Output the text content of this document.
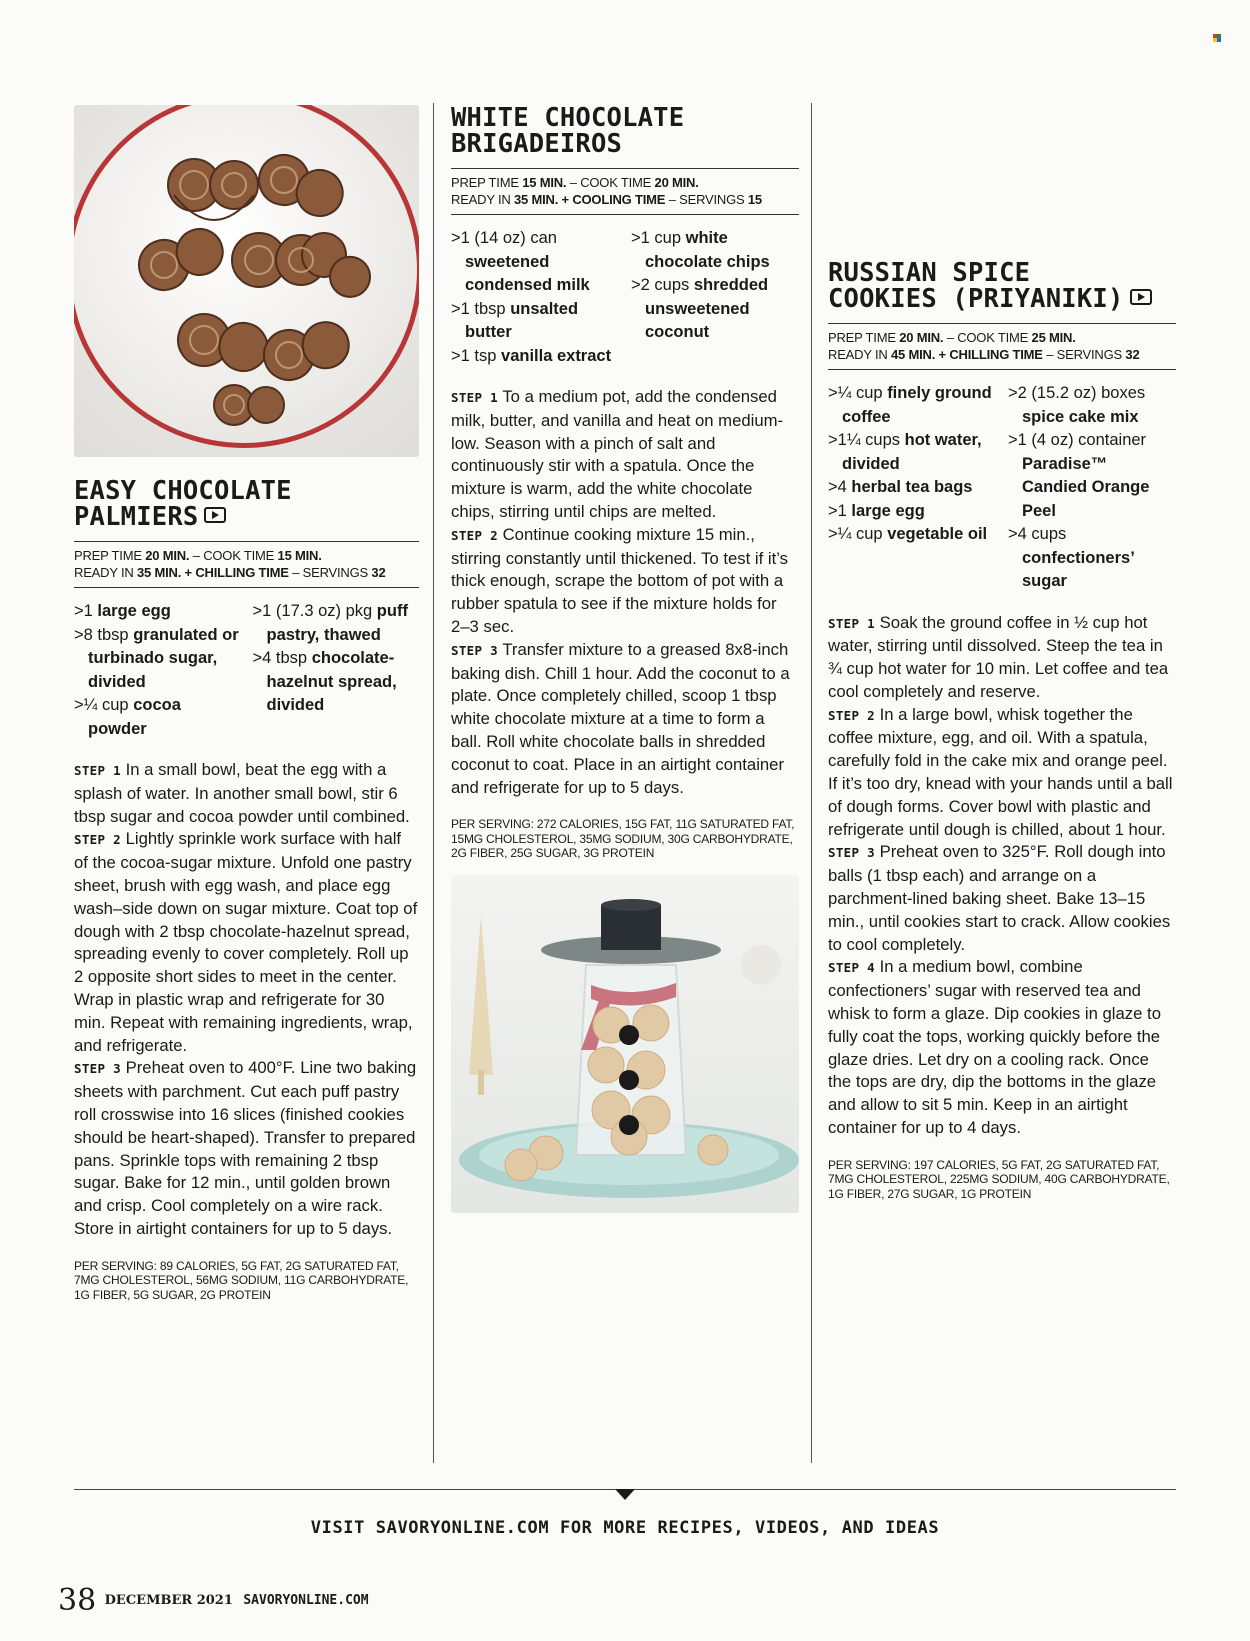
EASY CHOCOLATE
PALMIERS
PREP TIME 20 MIN. – COOK TIME 15 MIN.
READY IN 35 MIN. + CHILLING TIME – SERVINGS 32
>1 large egg
>8 tbsp granulated or turbinado sugar, divided
>¼ cup cocoa powder
>1 (17.3 oz) pkg puff pastry, thawed
>4 tbsp chocolate-hazelnut spread, divided

STEP 1 In a small bowl, beat the egg with a splash of water. In another small bowl, stir 6 tbsp sugar and cocoa powder until combined.

STEP 2 Lightly sprinkle work surface with half of the cocoa-sugar mixture. Unfold one pastry sheet, brush with egg wash, and place egg wash–side down on sugar mixture. Coat top of dough with 2 tbsp chocolate-hazelnut spread, spreading evenly to cover completely. Roll up 2 opposite short sides to meet in the center. Wrap in plastic wrap and refrigerate for 30 min. Repeat with remaining ingredients, wrap, and refrigerate.

STEP 3 Preheat oven to 400°F. Line two baking sheets with parchment. Cut each puff pastry roll crosswise into 16 slices (finished cookies should be heart-shaped). Transfer to prepared pans. Sprinkle tops with remaining 2 tbsp sugar. Bake for 12 min., until golden brown and crisp. Cool completely on a wire rack. Store in airtight containers for up to 5 days.

PER SERVING: 89 CALORIES, 5G FAT, 2G SATURATED FAT, 7MG CHOLESTEROL, 56MG SODIUM, 11G CARBOHYDRATE, 1G FIBER, 5G SUGAR, 2G PROTEIN
WHITE CHOCOLATE
BRIGADEIROS
PREP TIME 15 MIN. – COOK TIME 20 MIN.
READY IN 35 MIN. + COOLING TIME – SERVINGS 15
>1 (14 oz) can sweetened condensed milk
>1 tbsp unsalted butter
>1 tsp vanilla extract
>1 cup white chocolate chips
>2 cups shredded unsweetened coconut

STEP 1 To a medium pot, add the condensed milk, butter, and vanilla and heat on medium-low. Season with a pinch of salt and continuously stir with a spatula. Once the mixture is warm, add the white chocolate chips, stirring until chips are melted.

STEP 2 Continue cooking mixture 15 min., stirring constantly until thickened. To test if it’s thick enough, scrape the bottom of pot with a rubber spatula to see if the mixture holds for 2–3 sec.

STEP 3 Transfer mixture to a greased 8x8-inch baking dish. Chill 1 hour. Add the coconut to a plate. Once completely chilled, scoop 1 tbsp white chocolate mixture at a time to form a ball. Roll white chocolate balls in shredded coconut to coat. Place in an airtight container and refrigerate for up to 5 days.

PER SERVING: 272 CALORIES, 15G FAT, 11G SATURATED FAT, 15MG CHOLESTEROL, 35MG SODIUM, 30G CARBOHYDRATE, 2G FIBER, 25G SUGAR, 3G PROTEIN
RUSSIAN SPICE
COOKIES (PRIYANIKI)
PREP TIME 20 MIN. – COOK TIME 25 MIN.
READY IN 45 MIN. + CHILLING TIME – SERVINGS 32
>¼ cup finely ground coffee
>1¼ cups hot water, divided
>4 herbal tea bags
>1 large egg
>¼ cup vegetable oil
>2 (15.2 oz) boxes spice cake mix
>1 (4 oz) container Paradise™ Candied Orange Peel
>4 cups confectioners’ sugar

STEP 1 Soak the ground coffee in ½ cup hot water, stirring until dissolved. Steep the tea in ¾ cup hot water for 10 min. Let coffee and tea cool completely and reserve.

STEP 2 In a large bowl, whisk together the coffee mixture, egg, and oil. With a spatula, carefully fold in the cake mix and orange peel. If it’s too dry, knead with your hands until a ball of dough forms. Cover bowl with plastic and refrigerate until dough is chilled, about 1 hour.

STEP 3 Preheat oven to 325°F. Roll dough into balls (1 tbsp each) and arrange on a parchment-lined baking sheet. Bake 13–15 min., until cookies start to crack. Allow cookies to cool completely.

STEP 4 In a medium bowl, combine confectioners’ sugar with reserved tea and whisk to form a glaze. Dip cookies in glaze to fully coat the tops, working quickly before the glaze dries. Let dry on a cooling rack. Once the tops are dry, dip the bottoms in the glaze and allow to sit 5 min. Keep in an airtight container for up to 4 days.

PER SERVING: 197 CALORIES, 5G FAT, 2G SATURATED FAT, 7MG CHOLESTEROL, 225MG SODIUM, 40G CARBOHYDRATE, 1G FIBER, 27G SUGAR, 1G PROTEIN
VISIT SAVORYONLINE.COM FOR MORE RECIPES, VIDEOS, AND IDEAS
38 DECEMBER 2021 SAVORYONLINE.COM
